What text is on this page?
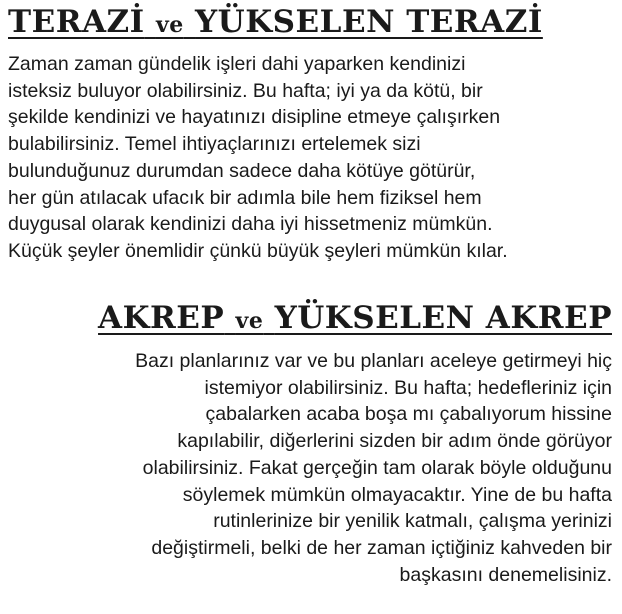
TERAZİ ve YÜKSELEN TERAZİ

Zaman zaman gündelik işleri dahi yaparken kendinizi
isteksiz buluyor olabilirsiniz. Bu hafta; iyi ya da kötü, bir
şekilde kendinizi ve hayatınızı disipline etmeye çalışırken
bulabilirsiniz. Temel ihtiyaçlarınızı ertelemek sizi
bulunduğunuz durumdan sadece daha kötüye götürür,
her gün atılacak ufacık bir adımla bile hem fiziksel hem
duygusal olarak kendinizi daha iyi hissetmeniz mümkün.
Küçük şeyler önemlidir çünkü büyük şeyleri mümkün kılar.

AKREP ve YÜKSELEN AKREP

Bazı planlarınız var ve bu planları aceleye getirmeyi hiç
istemiyor olabilirsiniz. Bu hafta; hedefleriniz için
çabalarken acaba boşa mı çabalıyorum hissine
kapılabilir, diğerlerini sizden bir adım önde görüyor
olabilirsiniz. Fakat gerçeğin tam olarak böyle olduğunu
söylemek mümkün olmayacaktır. Yine de bu hafta
rutinlerinize bir yenilik katmalı, çalışma yerinizi
değiştirmeli, belki de her zaman içtiğiniz kahveden bir
başkasını denemelisiniz.
